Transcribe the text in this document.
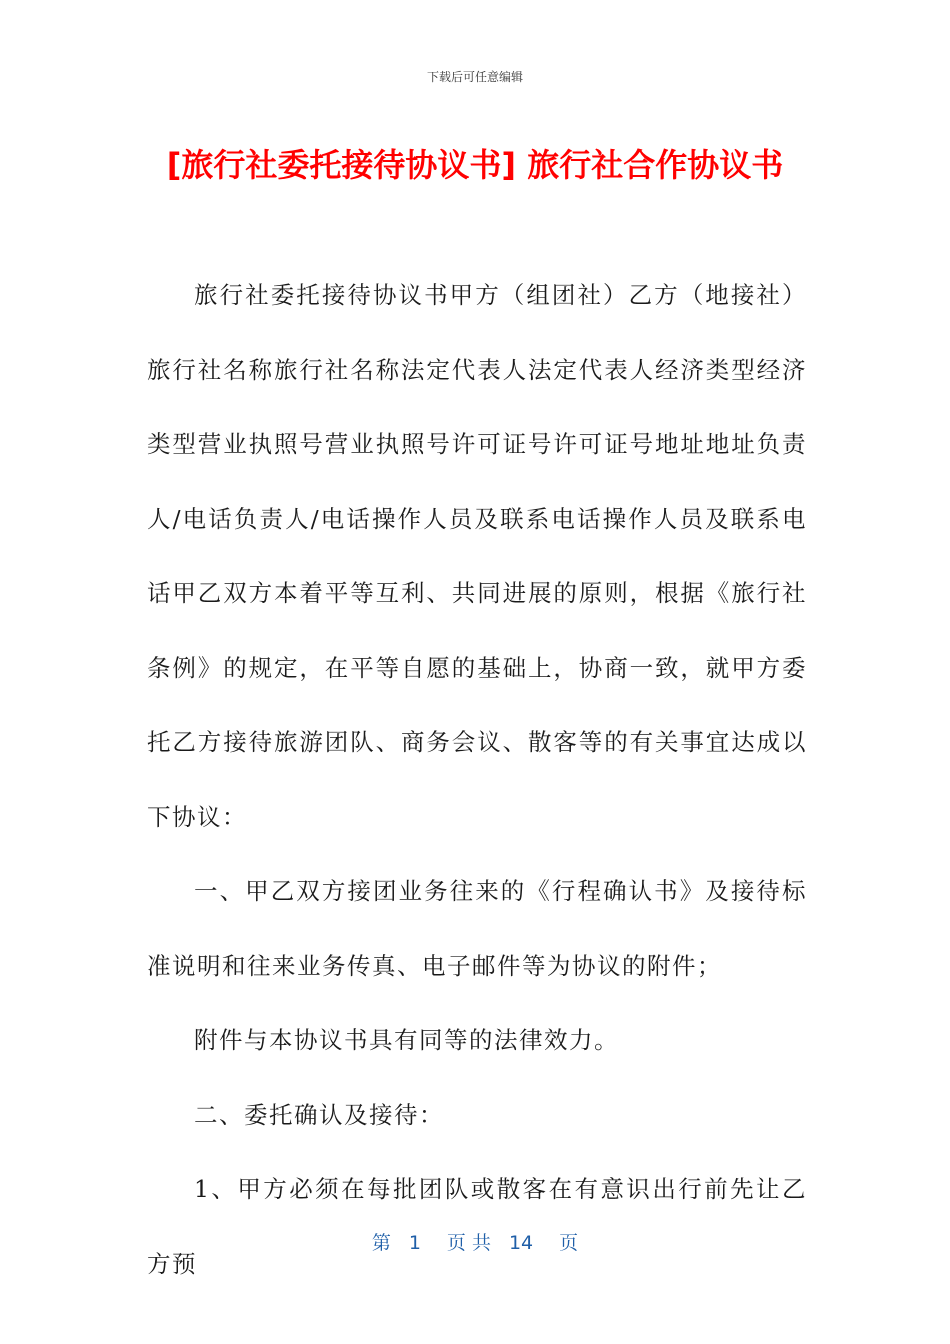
下载后可任意编辑
[旅行社委托接待协议书] 旅行社合作协议书

旅行社委托接待协议书甲方（组团社）乙方（地接社）旅行社名称旅行社名称法定代表人法定代表人经济类型经济类型营业执照号营业执照号许可证号许可证号地址地址负责人/电话负责人/电话操作人员及联系电话操作人员及联系电话甲乙双方本着平等互利、共同进展的原则，根据《旅行社条例》的规定，在平等自愿的基础上，协商一致，就甲方委托乙方接待旅游团队、商务会议、散客等的有关事宜达成以下协议：

一、甲乙双方接团业务往来的《行程确认书》及接待标准说明和往来业务传真、电子邮件等为协议的附件；

附件与本协议书具有同等的法律效力。

二、委托确认及接待：

1、甲方必须在每批团队或散客在有意识出行前先让乙方预

第 1 页 共 14 页
